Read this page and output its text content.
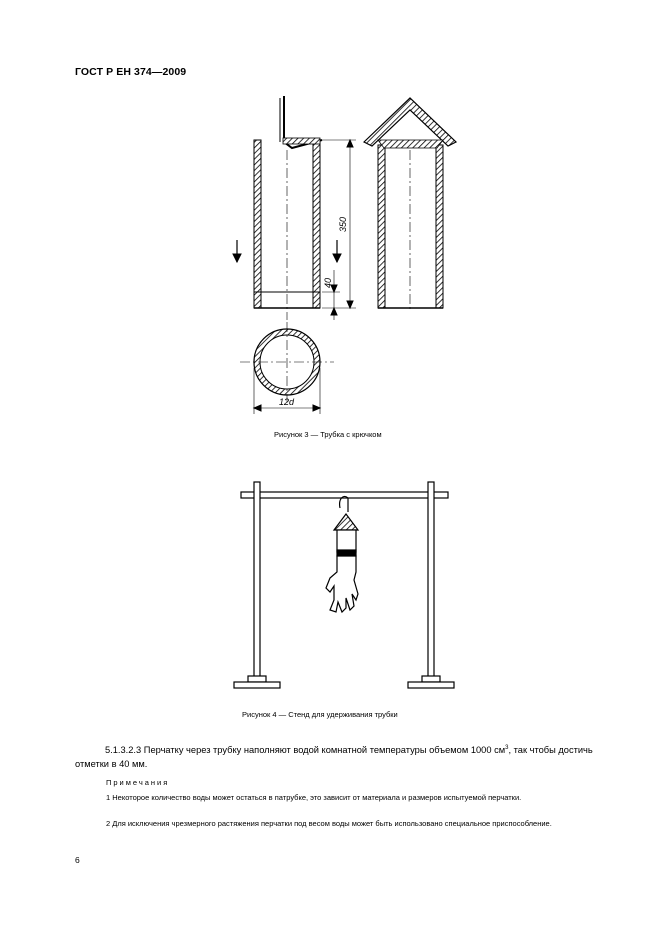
ГОСТ Р ЕН 374—2009
350
40
12d
Рисунок 3 — Трубка с крючком
Рисунок 4 — Стенд для удерживания трубки
5.1.3.2.3 Перчатку через трубку наполняют водой комнатной температуры объемом 1000 $см^3$, так чтобы достичь отметки в 40 мм.
Примечания
1 Некоторое количество воды может остаться в патрубке, это зависит от материала и размеров испытуемой перчатки.
2 Для исключения чрезмерного растяжения перчатки под весом воды может быть использовано специальное приспособление.
6
